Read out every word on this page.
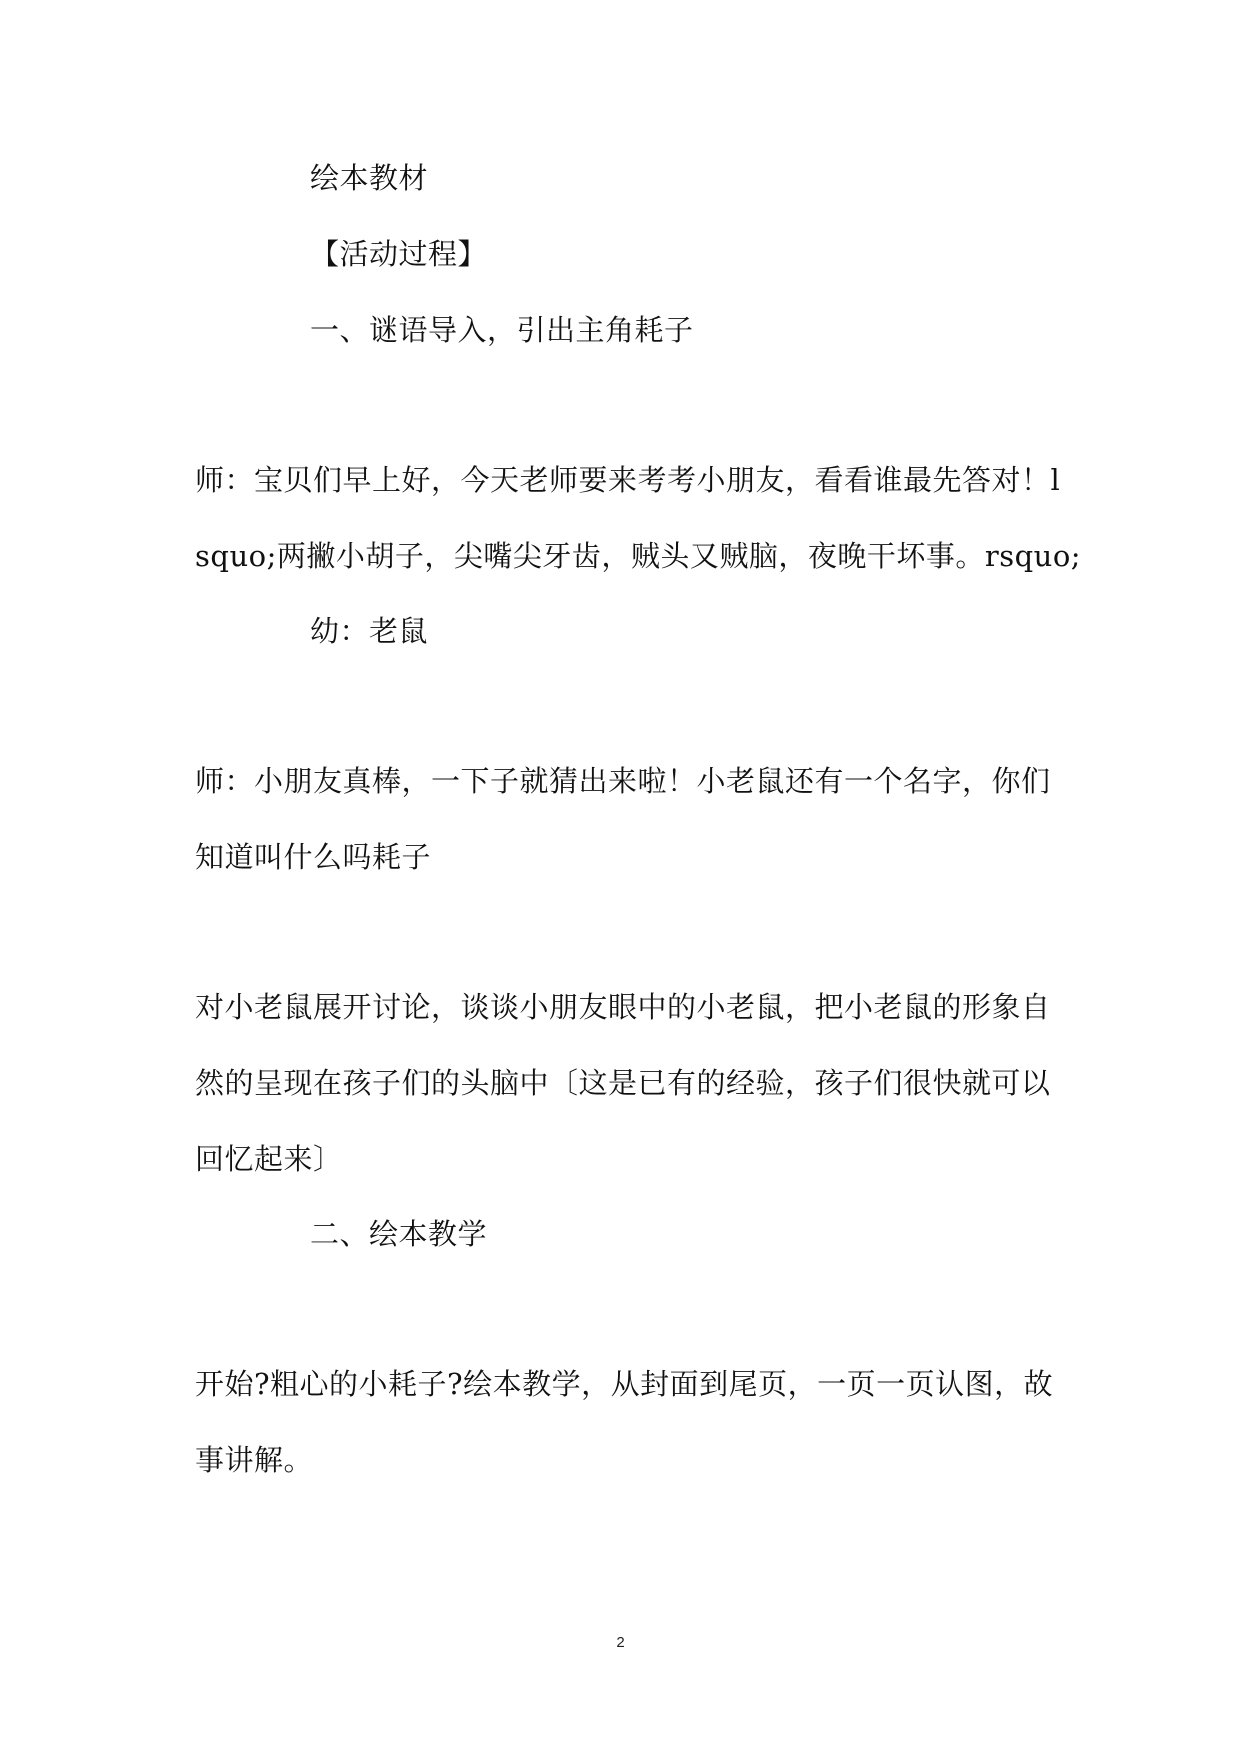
绘本教材

【活动过程】

一、谜语导入，引出主角耗子

师：宝贝们早上好，今天老师要来考考小朋友，看看谁最先答对！l

squo;两撇小胡子，尖嘴尖牙齿，贼头又贼脑，夜晚干坏事。rsquo;

幼：老鼠

师：小朋友真棒，一下子就猜出来啦！小老鼠还有一个名字，你们

知道叫什么吗耗子

对小老鼠展开讨论，谈谈小朋友眼中的小老鼠，把小老鼠的形象自

然的呈现在孩子们的头脑中〔这是已有的经验，孩子们很快就可以

回忆起来〕

二、绘本教学

开始?粗心的小耗子?绘本教学，从封面到尾页，一页一页认图，故

事讲解。

2
